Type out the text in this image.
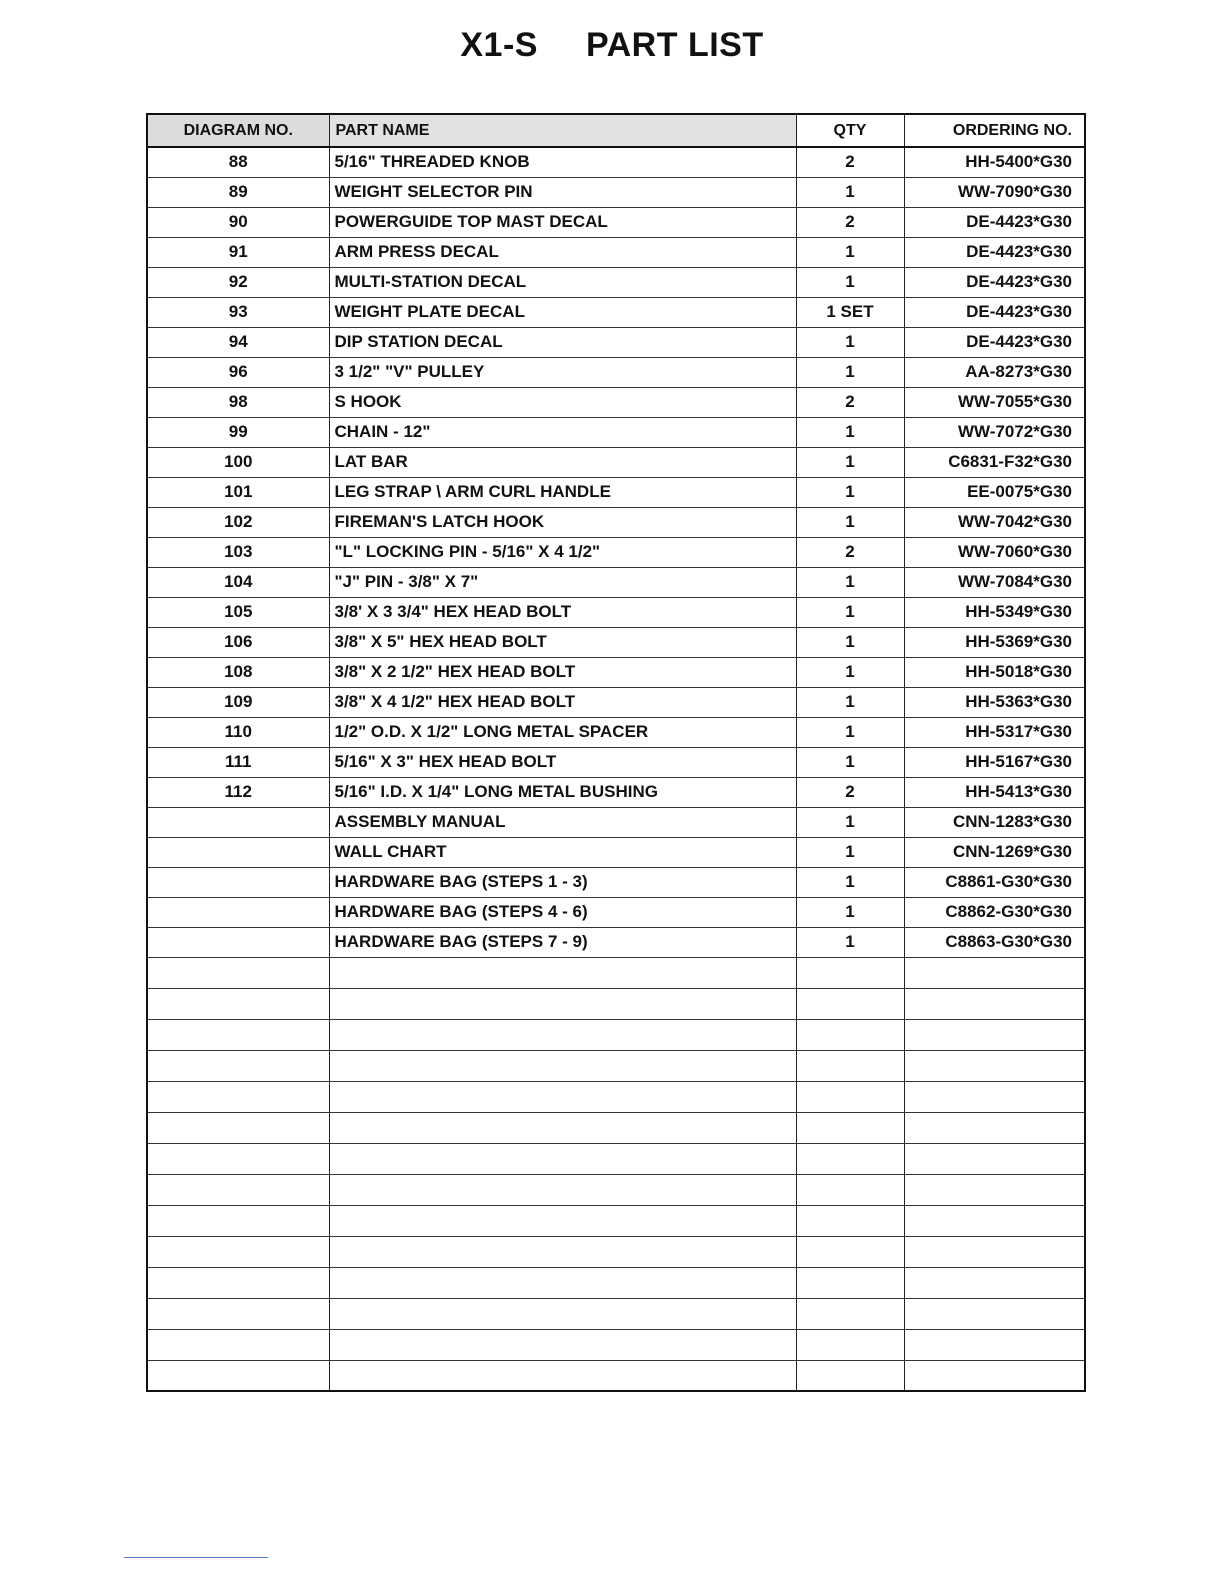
X1-S PART LIST
DIAGRAM NO.	PART NAME	QTY	ORDERING NO.
88	5/16" THREADED KNOB	2	HH-5400*G30
89	WEIGHT SELECTOR PIN	1	WW-7090*G30
90	POWERGUIDE TOP MAST DECAL	2	DE-4423*G30
91	ARM PRESS DECAL	1	DE-4423*G30
92	MULTI-STATION DECAL	1	DE-4423*G30
93	WEIGHT PLATE DECAL	1 SET	DE-4423*G30
94	DIP STATION DECAL	1	DE-4423*G30
96	3 1/2" "V" PULLEY	1	AA-8273*G30
98	S HOOK	2	WW-7055*G30
99	CHAIN - 12"	1	WW-7072*G30
100	LAT BAR	1	C6831-F32*G30
101	LEG STRAP \ ARM CURL HANDLE	1	EE-0075*G30
102	FIREMAN'S LATCH HOOK	1	WW-7042*G30
103	"L" LOCKING PIN - 5/16" X 4 1/2"	2	WW-7060*G30
104	"J" PIN - 3/8" X 7"	1	WW-7084*G30
105	3/8' X 3 3/4" HEX HEAD BOLT	1	HH-5349*G30
106	3/8" X 5" HEX HEAD BOLT	1	HH-5369*G30
108	3/8" X 2 1/2" HEX HEAD BOLT	1	HH-5018*G30
109	3/8" X 4 1/2" HEX HEAD BOLT	1	HH-5363*G30
110	1/2" O.D. X 1/2" LONG METAL SPACER	1	HH-5317*G30
111	5/16" X 3" HEX HEAD BOLT	1	HH-5167*G30
112	5/16" I.D. X 1/4" LONG METAL BUSHING	2	HH-5413*G30
	ASSEMBLY MANUAL	1	CNN-1283*G30
	WALL CHART	1	CNN-1269*G30
	HARDWARE BAG (STEPS 1 - 3)	1	C8861-G30*G30
	HARDWARE BAG (STEPS 4 - 6)	1	C8862-G30*G30
	HARDWARE BAG (STEPS 7 - 9)	1	C8863-G30*G30
